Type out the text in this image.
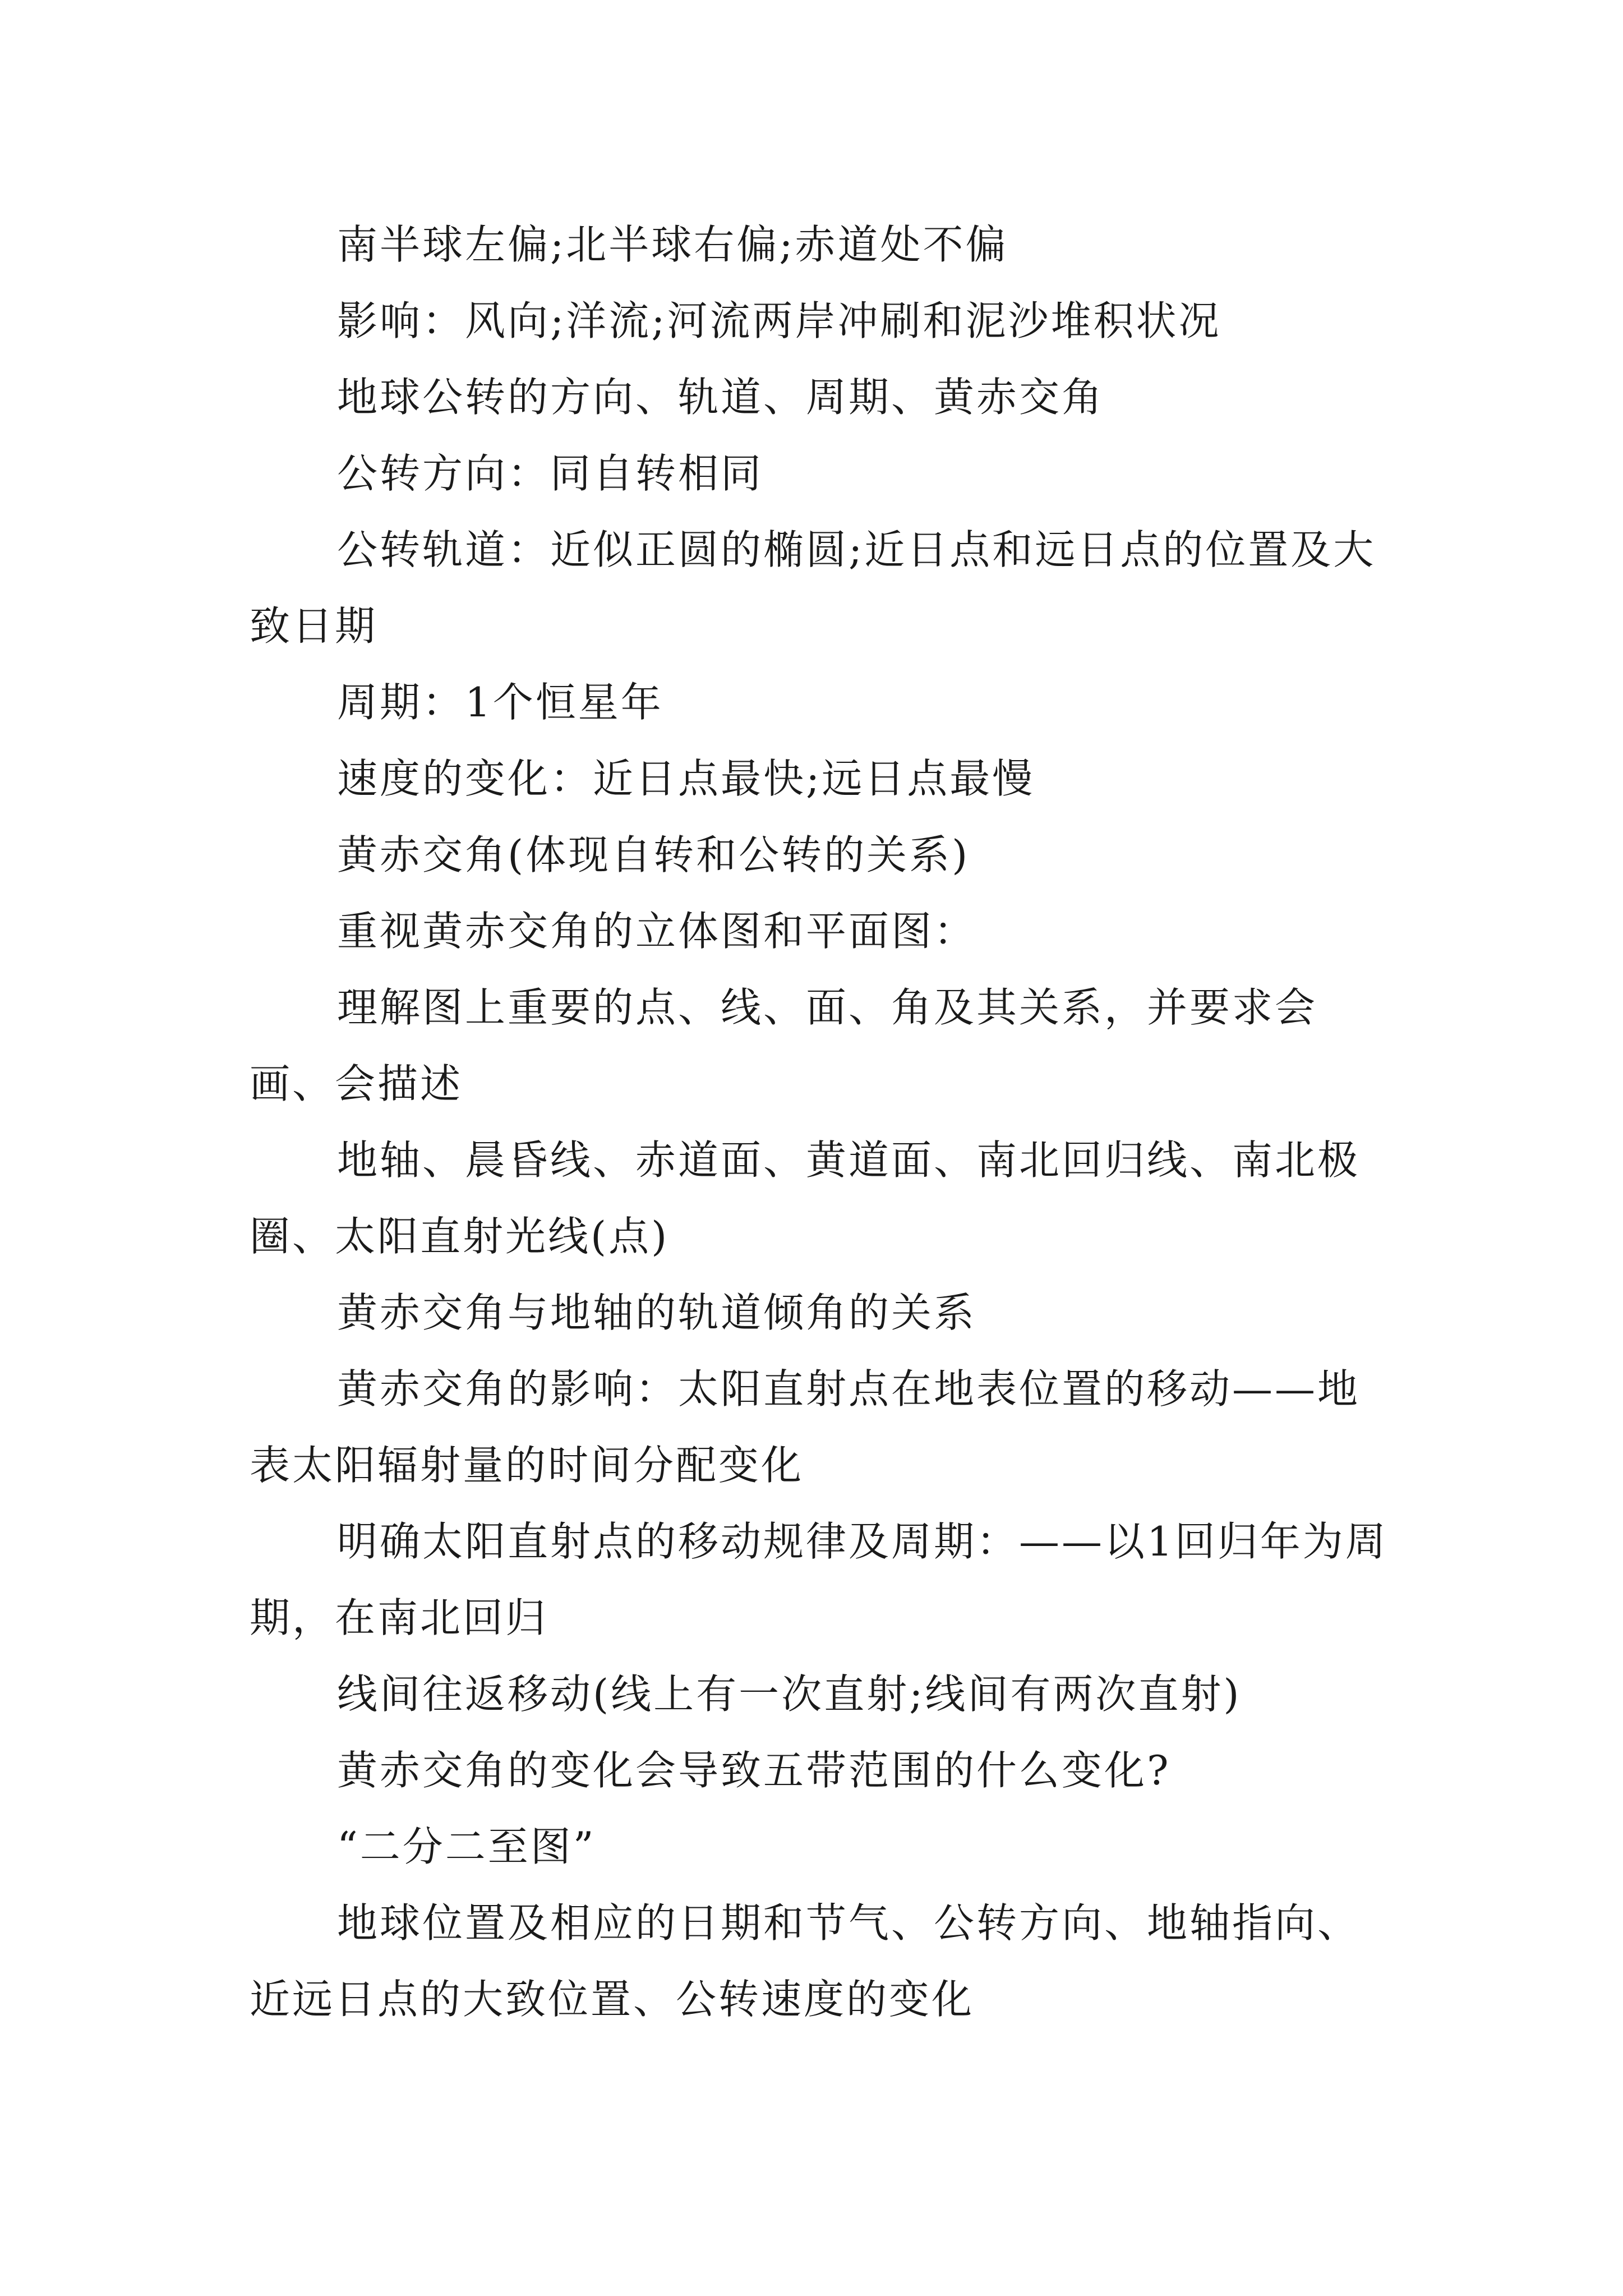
南半球左偏;北半球右偏;赤道处不偏

影响：风向;洋流;河流两岸冲刷和泥沙堆积状况

地球公转的方向、轨道、周期、黄赤交角

公转方向：同自转相同

公转轨道：近似正圆的椭圆;近日点和远日点的位置及大致日期

周期：1个恒星年

速度的变化：近日点最快;远日点最慢

黄赤交角(体现自转和公转的关系)

重视黄赤交角的立体图和平面图：

理解图上重要的点、线、面、角及其关系，并要求会画、会描述

地轴、晨昏线、赤道面、黄道面、南北回归线、南北极圈、太阳直射光线(点)

黄赤交角与地轴的轨道倾角的关系

黄赤交角的影响：太阳直射点在地表位置的移动——地表太阳辐射量的时间分配变化

明确太阳直射点的移动规律及周期：——以1回归年为周期，在南北回归

线间往返移动(线上有一次直射;线间有两次直射)

黄赤交角的变化会导致五带范围的什么变化?

“二分二至图”

地球位置及相应的日期和节气、公转方向、地轴指向、近远日点的大致位置、公转速度的变化
